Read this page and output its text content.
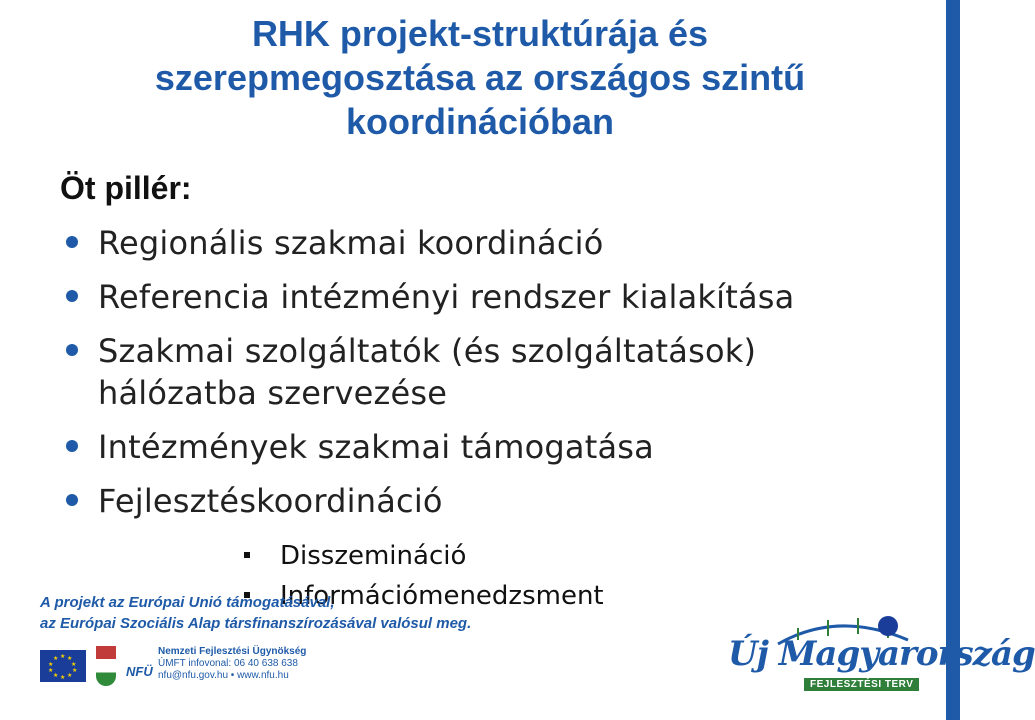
RHK projekt-struktúrája és
szerepmegosztása az országos szintű
koordinációban
Öt pillér:
Regionális szakmai koordináció
Referencia intézményi rendszer kialakítása
Szakmai szolgáltatók (és szolgáltatások)
hálózatba szervezése
Intézmények szakmai támogatása
Fejlesztéskoordináció
Disszemináció
Információmenedzsment
A projekt az Európai Unió támogatásával,
az Európai Szociális Alap társfinanszírozásával valósul meg.
★ ★
★
★
★
★
★
★
★
★
NFÜ
Nemzeti Fejlesztési Ügynökség
ÚMFT infovonal: 06 40 638 638
nfu@nfu.gov.hu • www.nfu.hu
Új Magyarország
FEJLESZTÉSI TERV
